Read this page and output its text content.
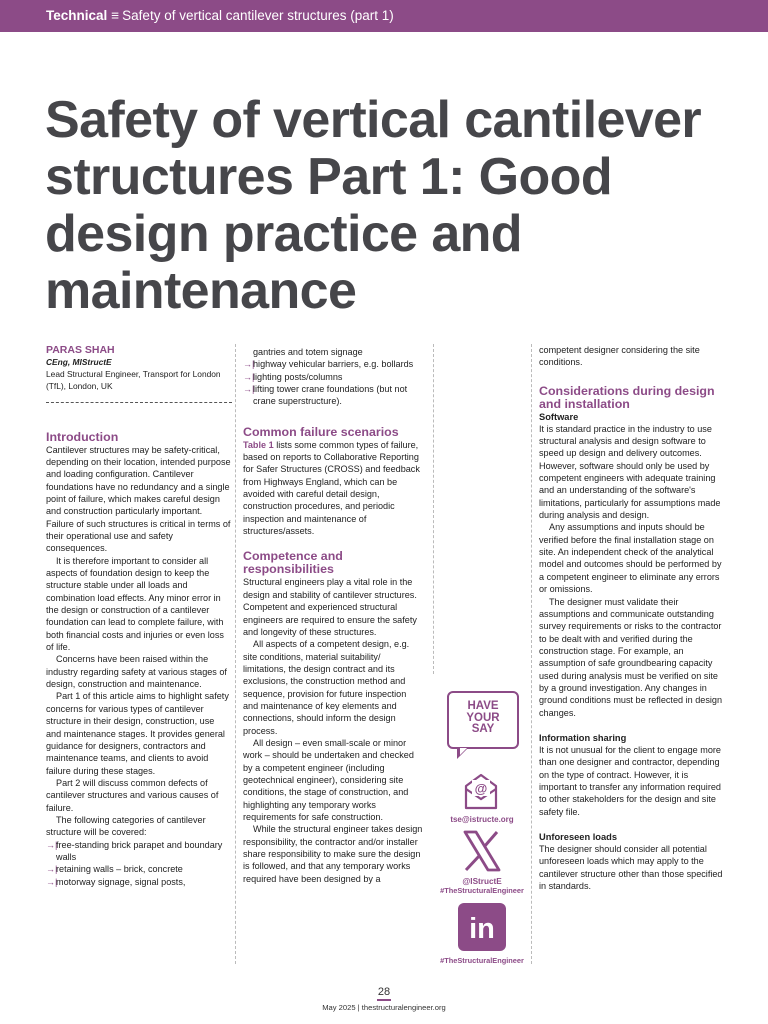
Technical ≡ Safety of vertical cantilever structures (part 1)
Safety of vertical cantilever structures Part 1: Good design practice and maintenance

PARAS SHAH

CEng, MIStructE

Lead Structural Engineer, Transport for London (TfL), London, UK

Introduction

Cantilever structures may be safety-critical, depending on their location, intended purpose and loading configuration. Cantilever foundations have no redundancy and a single point of failure, which makes careful design and construction particularly important. Failure of such structures is critical in terms of their operational use and safety consequences.

It is therefore important to consider all aspects of foundation design to keep the structure stable under all loads and combination load effects. Any minor error in the design or construction of a cantilever foundation can lead to complete failure, with both financial costs and injuries or even loss of life.

Concerns have been raised within the industry regarding safety at various stages of design, construction and maintenance.

Part 1 of this article aims to highlight safety concerns for various types of cantilever structure in their design, construction, use and maintenance stages. It provides general guidance for designers, contractors and maintenance teams, and clients to avoid failure during these stages.

Part 2 will discuss common defects of cantilever structures and various causes of failure.

The following categories of cantilever structure will be covered:

→|
free-standing brick parapet and boundary walls
→|
retaining walls – brick, concrete
→|
motorway signage, signal posts,

gantries and totem signage

→|
highway vehicular barriers, e.g. bollards
→|
lighting posts/columns
→|
lifting tower crane foundations (but not crane superstructure).

Common failure scenarios

Table 1 lists some common types of failure, based on reports to Collaborative Reporting for Safer Structures (CROSS) and feedback from Highways England, which can be avoided with careful detail design, construction procedures, and periodic inspection and maintenance of structures/assets.

Competence and responsibilities

Structural engineers play a vital role in the design and stability of cantilever structures. Competent and experienced structural engineers are required to ensure the safety and longevity of these structures.

All aspects of a competent design, e.g. site conditions, material suitability/ limitations, the design contract and its exclusions, the construction method and sequence, provision for future inspection and maintenance of key elements and connections, should inform the design process.

All design – even small-scale or minor work – should be undertaken and checked by a competent engineer (including geotechnical engineer), considering site conditions, the stage of construction, and highlighting any temporary works requirements for safe construction.

While the structural engineer takes design responsibility, the contractor and/or installer share responsibility to make sure the design is followed, and that any temporary works required have been designed by a

HAVE
YOUR
SAY
@
tse@istructe.org
@IStructE
#TheStructuralEngineer
in
#TheStructuralEngineer

competent designer considering the site conditions.

Considerations during design and installation

Software

It is standard practice in the industry to use structural analysis and design software to speed up design and delivery outcomes. However, software should only be used by competent engineers with adequate training and an understanding of the software's limitations, particularly for assumptions made during analysis and design.

Any assumptions and inputs should be verified before the final installation stage on site. An independent check of the analytical model and outcomes should be performed by a competent engineer to eliminate any errors or omissions.

The designer must validate their assumptions and communicate outstanding survey requirements or risks to the contractor to be dealt with and verified during the construction stage. For example, an assumption of safe groundbearing capacity used during analysis must be verified on site by a ground investigation. Any changes in ground conditions must be reflected in design changes.

Information sharing

It is not unusual for the client to engage more than one designer and contractor, depending on the type of contract. However, it is important to transfer any information required to other stakeholders for the design and site safety file.

Unforeseen loads

The designer should consider all potential unforeseen loads which may apply to the cantilever structure other than those specified in standards.

28
May 2025 | thestructuralengineer.org
